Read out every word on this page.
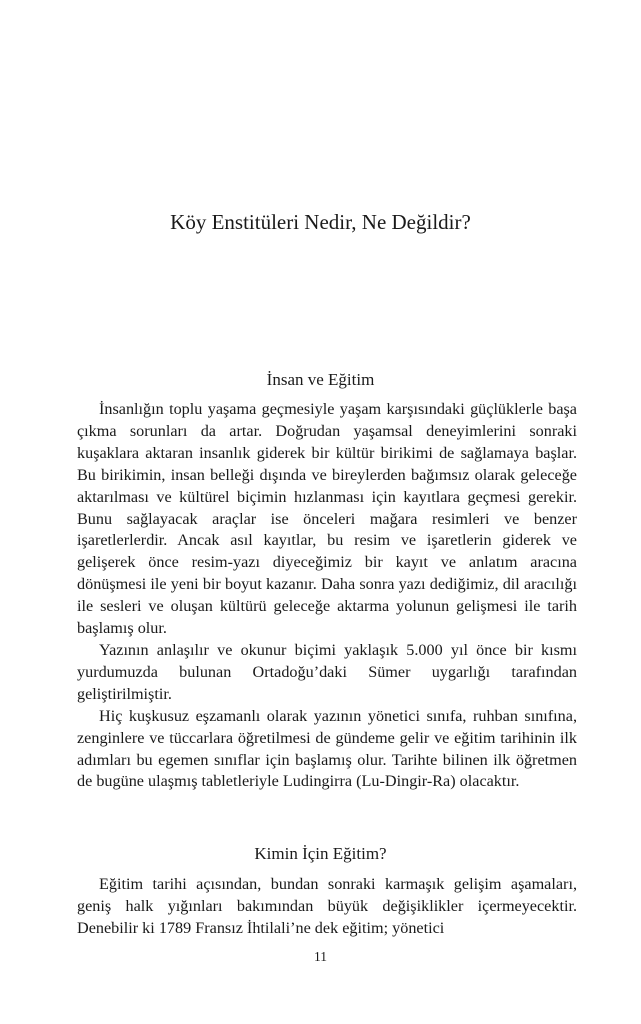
Köy Enstitüleri Nedir, Ne Değildir?
İnsan ve Eğitim

İnsanlığın toplu yaşama geçmesiyle yaşam karşısındaki güçlüklerle başa çıkma sorunları da artar. Doğrudan yaşamsal deneyimlerini sonraki kuşaklara aktaran insanlık giderek bir kültür birikimi de sağlamaya başlar. Bu birikimin, insan belleği dışında ve bireylerden bağımsız olarak geleceğe aktarılması ve kültürel biçimin hızlanması için kayıtlara geçmesi gerekir. Bunu sağlayacak araçlar ise önceleri mağara resimleri ve benzer işaretlerlerdir. Ancak asıl kayıtlar, bu resim ve işaretlerin giderek ve gelişerek önce resim-yazı diyeceğimiz bir kayıt ve anlatım aracına dönüşmesi ile yeni bir boyut kazanır. Daha sonra yazı dediğimiz, dil aracılığı ile sesleri ve oluşan kültürü geleceğe aktarma yolunun gelişmesi ile tarih başlamış olur.

Yazının anlaşılır ve okunur biçimi yaklaşık 5.000 yıl önce bir kısmı yurdumuzda bulunan Ortadoğu’daki Sümer uygarlığı tarafından geliştirilmiştir.

Hiç kuşkusuz eşzamanlı olarak yazının yönetici sınıfa, ruhban sınıfına, zenginlere ve tüccarlara öğretilmesi de gündeme gelir ve eğitim tarihinin ilk adımları bu egemen sınıflar için başlamış olur. Tarihte bilinen ilk öğretmen de bugüne ulaşmış tabletleriyle Ludingirra (Lu-Dingir-Ra) olacaktır.

Kimin İçin Eğitim?

Eğitim tarihi açısından, bundan sonraki karmaşık gelişim aşamaları, geniş halk yığınları bakımından büyük değişiklikler içermeyecektir. Denebilir ki 1789 Fransız İhtilali’ne dek eğitim; yönetici

11
